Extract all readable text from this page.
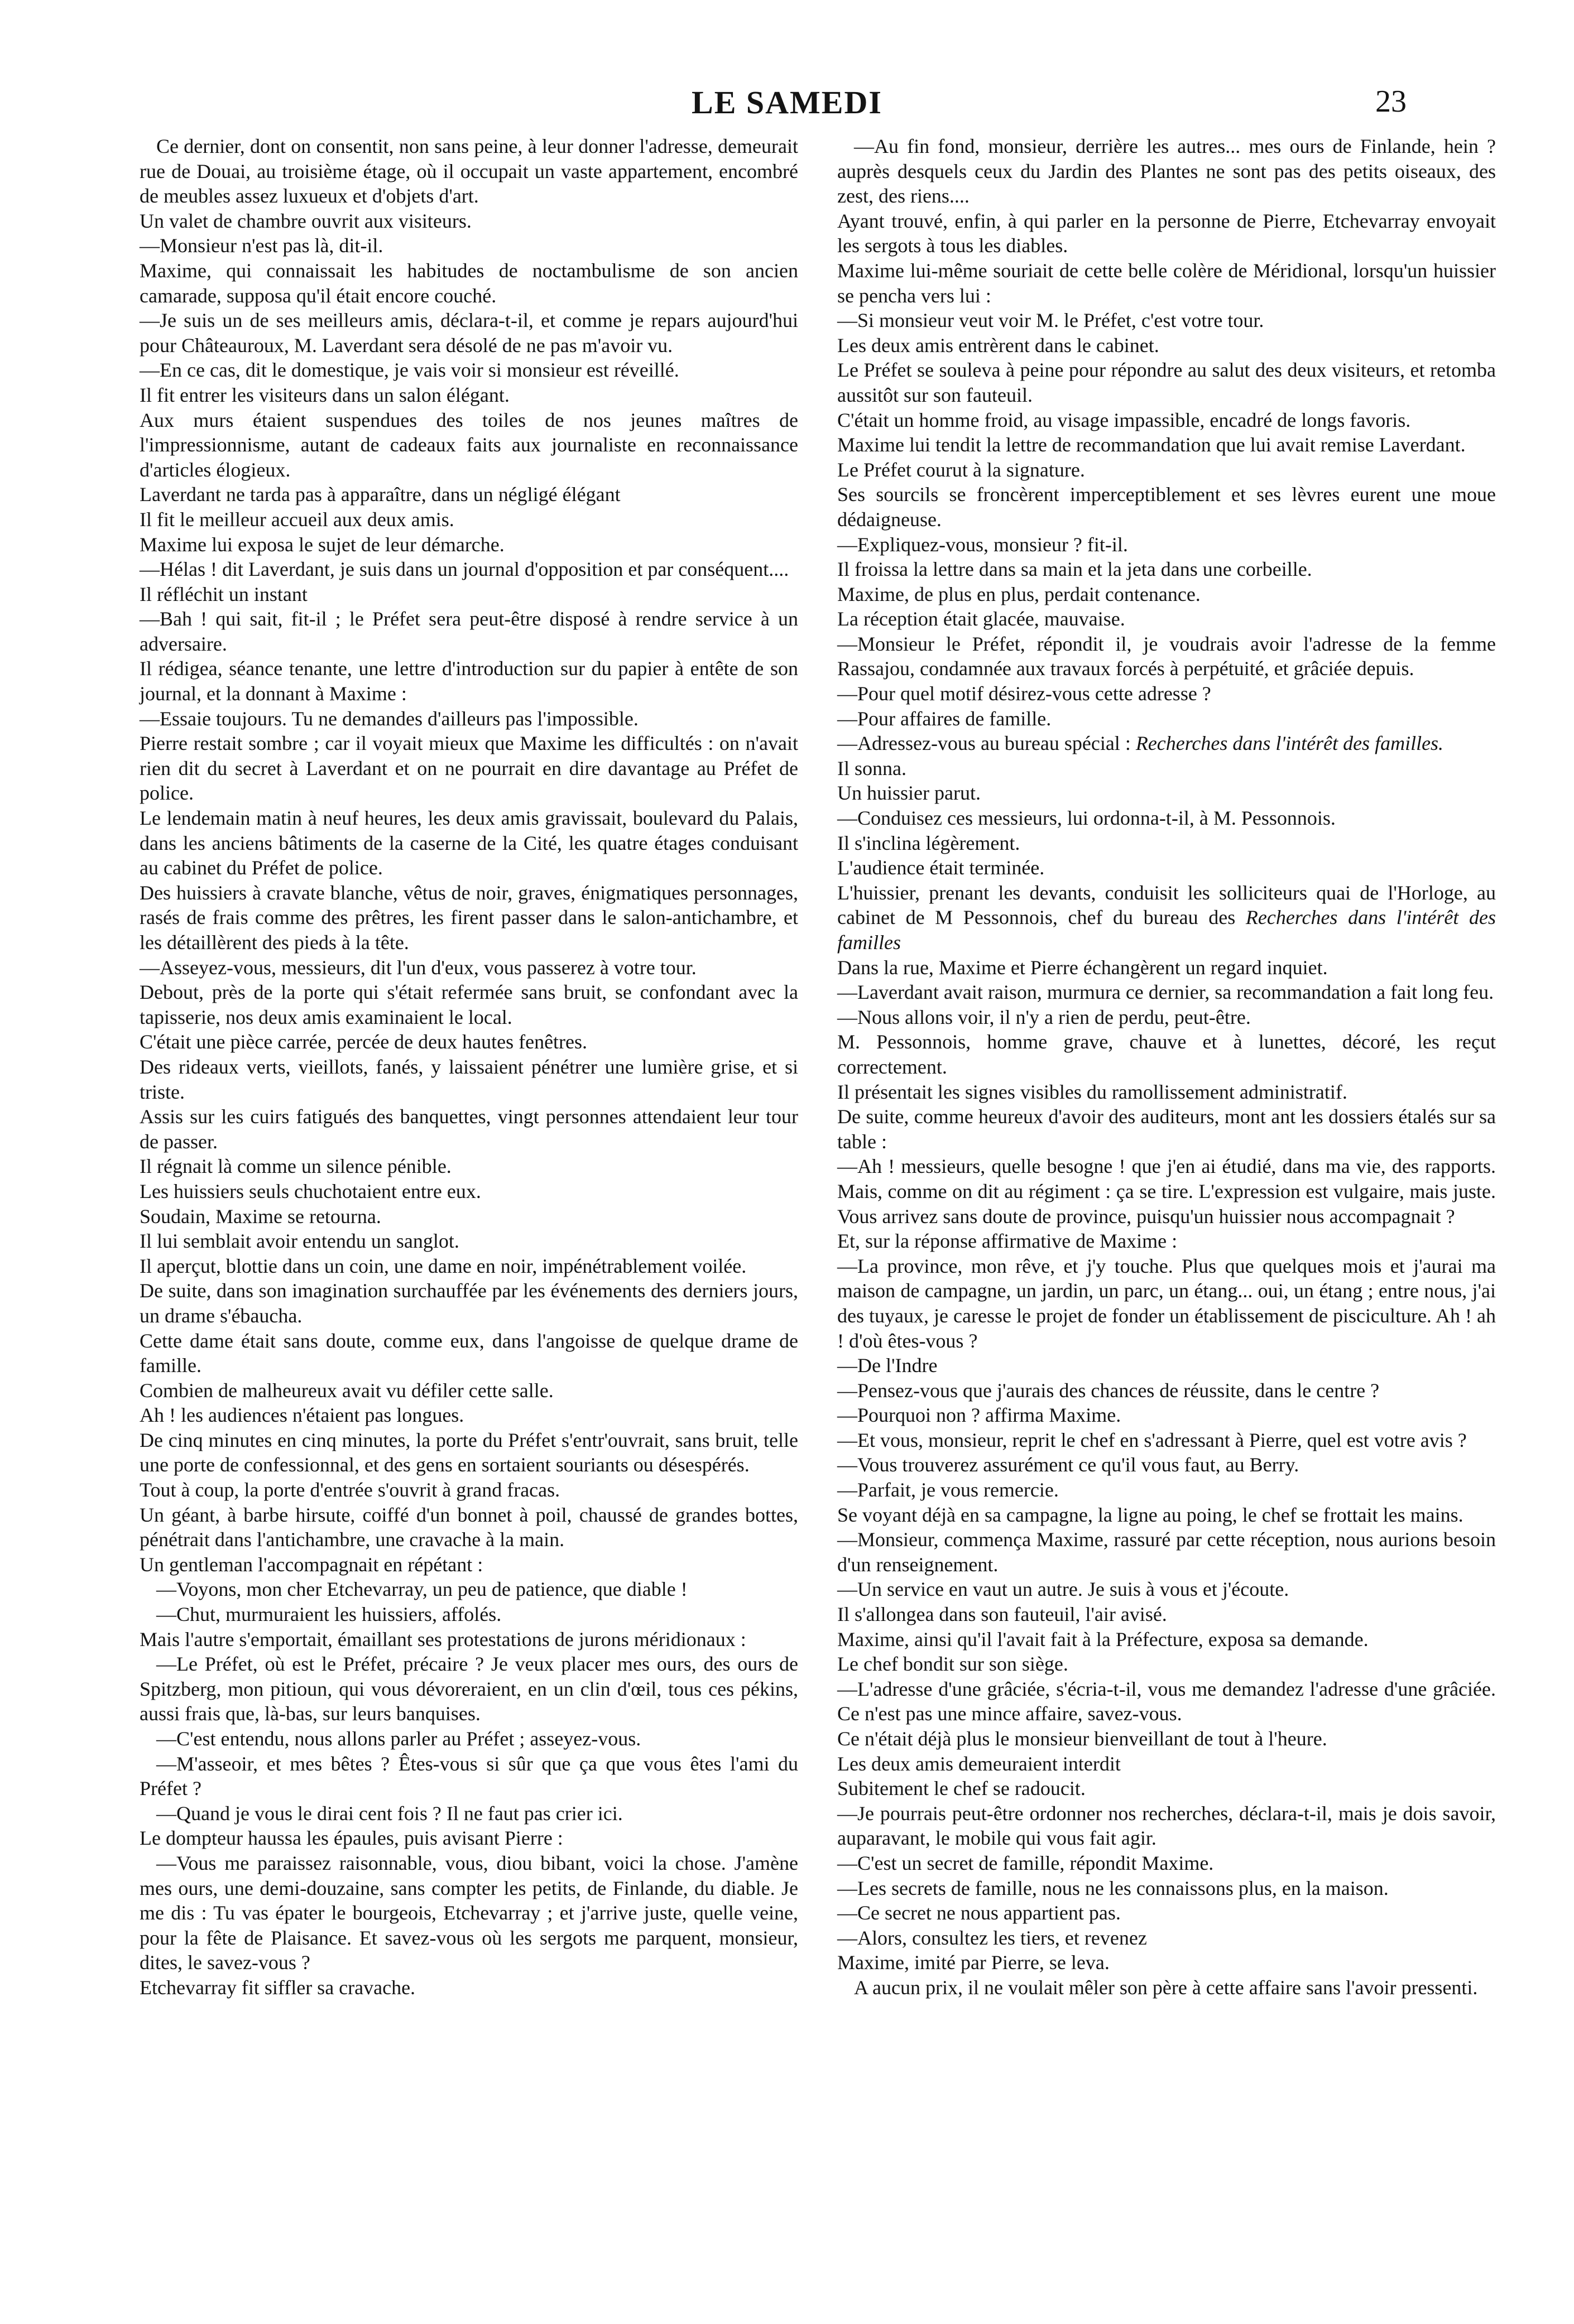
LE SAMEDI	23

Ce dernier, dont on consentit, non sans peine, à leur donner l'adresse, demeurait rue de Douai, au troisième étage, où il occupait un vaste appartement, encombré de meubles assez luxueux et d'objets d'art.

Un valet de chambre ouvrit aux visiteurs.

—Monsieur n'est pas là, dit-il.

Maxime, qui connaissait les habitudes de noctambulisme de son ancien camarade, supposa qu'il était encore couché.

—Je suis un de ses meilleurs amis, déclara-t-il, et comme je repars aujourd'hui pour Châteauroux, M. Laverdant sera désolé de ne pas m'avoir vu.

—En ce cas, dit le domestique, je vais voir si monsieur est réveillé.

Il fit entrer les visiteurs dans un salon élégant.

Aux murs étaient suspendues des toiles de nos jeunes maîtres de l'impressionnisme, autant de cadeaux faits aux journaliste en reconnaissance d'articles élogieux.

Laverdant ne tarda pas à apparaître, dans un négligé élégant

Il fit le meilleur accueil aux deux amis.

Maxime lui exposa le sujet de leur démarche.

—Hélas ! dit Laverdant, je suis dans un journal d'opposition et par conséquent....

Il réfléchit un instant

—Bah ! qui sait, fit-il ; le Préfet sera peut-être disposé à rendre service à un adversaire.

Il rédigea, séance tenante, une lettre d'introduction sur du papier à entête de son journal, et la donnant à Maxime :

—Essaie toujours. Tu ne demandes d'ailleurs pas l'impossible.

Pierre restait sombre ; car il voyait mieux que Maxime les difficultés : on n'avait rien dit du secret à Laverdant et on ne pourrait en dire davantage au Préfet de police.

Le lendemain matin à neuf heures, les deux amis gravissait, boulevard du Palais, dans les anciens bâtiments de la caserne de la Cité, les quatre étages conduisant au cabinet du Préfet de police.

Des huissiers à cravate blanche, vêtus de noir, graves, énigmatiques personnages, rasés de frais comme des prêtres, les firent passer dans le salon-antichambre, et les détaillèrent des pieds à la tête.

—Asseyez-vous, messieurs, dit l'un d'eux, vous passerez à votre tour.

Debout, près de la porte qui s'était refermée sans bruit, se confondant avec la tapisserie, nos deux amis examinaient le local.

C'était une pièce carrée, percée de deux hautes fenêtres.

Des rideaux verts, vieillots, fanés, y laissaient pénétrer une lumière grise, et si triste.

Assis sur les cuirs fatigués des banquettes, vingt personnes attendaient leur tour de passer.

Il régnait là comme un silence pénible.

Les huissiers seuls chuchotaient entre eux.

Soudain, Maxime se retourna.

Il lui semblait avoir entendu un sanglot.

Il aperçut, blottie dans un coin, une dame en noir, impénétrablement voilée.

De suite, dans son imagination surchauffée par les événements des derniers jours, un drame s'ébaucha.

Cette dame était sans doute, comme eux, dans l'angoisse de quelque drame de famille.

Combien de malheureux avait vu défiler cette salle.

Ah ! les audiences n'étaient pas longues.

De cinq minutes en cinq minutes, la porte du Préfet s'entr'ouvrait, sans bruit, telle une porte de confessionnal, et des gens en sortaient souriants ou désespérés.

Tout à coup, la porte d'entrée s'ouvrit à grand fracas.

Un géant, à barbe hirsute, coiffé d'un bonnet à poil, chaussé de grandes bottes, pénétrait dans l'antichambre, une cravache à la main.

Un gentleman l'accompagnait en répétant :

—Voyons, mon cher Etchevarray, un peu de patience, que diable !

—Chut, murmuraient les huissiers, affolés.

Mais l'autre s'emportait, émaillant ses protestations de jurons méridionaux :

—Le Préfet, où est le Préfet, précaire ? Je veux placer mes ours, des ours de Spitzberg, mon pitioun, qui vous dévoreraient, en un clin d'œil, tous ces pékins, aussi frais que, là-bas, sur leurs banquises.

—C'est entendu, nous allons parler au Préfet ; asseyez-vous.

—M'asseoir, et mes bêtes ? Êtes-vous si sûr que ça que vous êtes l'ami du Préfet ?

—Quand je vous le dirai cent fois ? Il ne faut pas crier ici.

Le dompteur haussa les épaules, puis avisant Pierre :

—Vous me paraissez raisonnable, vous, diou bibant, voici la chose. J'amène mes ours, une demi-douzaine, sans compter les petits, de Finlande, du diable. Je me dis : Tu vas épater le bourgeois, Etchevarray ; et j'arrive juste, quelle veine, pour la fête de Plaisance. Et savez-vous où les sergots me parquent, monsieur, dites, le savez-vous ?

Etchevarray fit siffler sa cravache.

—Au fin fond, monsieur, derrière les autres... mes ours de Finlande, hein ? auprès desquels ceux du Jardin des Plantes ne sont pas des petits oiseaux, des zest, des riens....

Ayant trouvé, enfin, à qui parler en la personne de Pierre, Etchevarray envoyait les sergots à tous les diables.

Maxime lui-même souriait de cette belle colère de Méridional, lorsqu'un huissier se pencha vers lui :

—Si monsieur veut voir M. le Préfet, c'est votre tour.

Les deux amis entrèrent dans le cabinet.

Le Préfet se souleva à peine pour répondre au salut des deux visiteurs, et retomba aussitôt sur son fauteuil.

C'était un homme froid, au visage impassible, encadré de longs favoris.

Maxime lui tendit la lettre de recommandation que lui avait remise Laverdant.

Le Préfet courut à la signature.

Ses sourcils se froncèrent imperceptiblement et ses lèvres eurent une moue dédaigneuse.

—Expliquez-vous, monsieur ? fit-il.

Il froissa la lettre dans sa main et la jeta dans une corbeille.

Maxime, de plus en plus, perdait contenance.

La réception était glacée, mauvaise.

—Monsieur le Préfet, répondit il, je voudrais avoir l'adresse de la femme Rassajou, condamnée aux travaux forcés à perpétuité, et grâciée depuis.

—Pour quel motif désirez-vous cette adresse ?

—Pour affaires de famille.

—Adressez-vous au bureau spécial : Recherches dans l'intérêt des familles.

Il sonna.

Un huissier parut.

—Conduisez ces messieurs, lui ordonna-t-il, à M. Pessonnois.

Il s'inclina légèrement.

L'audience était terminée.

L'huissier, prenant les devants, conduisit les solliciteurs quai de l'Horloge, au cabinet de M Pessonnois, chef du bureau des Recherches dans l'intérêt des familles

Dans la rue, Maxime et Pierre échangèrent un regard inquiet.

—Laverdant avait raison, murmura ce dernier, sa recommandation a fait long feu.

—Nous allons voir, il n'y a rien de perdu, peut-être.

M. Pessonnois, homme grave, chauve et à lunettes, décoré, les reçut correctement.

Il présentait les signes visibles du ramollissement administratif.

De suite, comme heureux d'avoir des auditeurs, mont ant les dossiers étalés sur sa table :

—Ah ! messieurs, quelle besogne ! que j'en ai étudié, dans ma vie, des rapports. Mais, comme on dit au régiment : ça se tire. L'expression est vulgaire, mais juste. Vous arrivez sans doute de province, puisqu'un huissier nous accompagnait ?

Et, sur la réponse affirmative de Maxime :

—La province, mon rêve, et j'y touche. Plus que quelques mois et j'aurai ma maison de campagne, un jardin, un parc, un étang... oui, un étang ; entre nous, j'ai des tuyaux, je caresse le projet de fonder un établissement de pisciculture. Ah ! ah ! d'où êtes-vous ?

—De l'Indre

—Pensez-vous que j'aurais des chances de réussite, dans le centre ?

—Pourquoi non ? affirma Maxime.

—Et vous, monsieur, reprit le chef en s'adressant à Pierre, quel est votre avis ?

—Vous trouverez assurément ce qu'il vous faut, au Berry.

—Parfait, je vous remercie.

Se voyant déjà en sa campagne, la ligne au poing, le chef se frottait les mains.

—Monsieur, commença Maxime, rassuré par cette réception, nous aurions besoin d'un renseignement.

—Un service en vaut un autre. Je suis à vous et j'écoute.

Il s'allongea dans son fauteuil, l'air avisé.

Maxime, ainsi qu'il l'avait fait à la Préfecture, exposa sa demande.

Le chef bondit sur son siège.

—L'adresse d'une grâciée, s'écria-t-il, vous me demandez l'adresse d'une grâciée. Ce n'est pas une mince affaire, savez-vous.

Ce n'était déjà plus le monsieur bienveillant de tout à l'heure.

Les deux amis demeuraient interdit

Subitement le chef se radoucit.

—Je pourrais peut-être ordonner nos recherches, déclara-t-il, mais je dois savoir, auparavant, le mobile qui vous fait agir.

—C'est un secret de famille, répondit Maxime.

—Les secrets de famille, nous ne les connaissons plus, en la maison.

—Ce secret ne nous appartient pas.

—Alors, consultez les tiers, et revenez

Maxime, imité par Pierre, se leva.

A aucun prix, il ne voulait mêler son père à cette affaire sans l'avoir pressenti.
